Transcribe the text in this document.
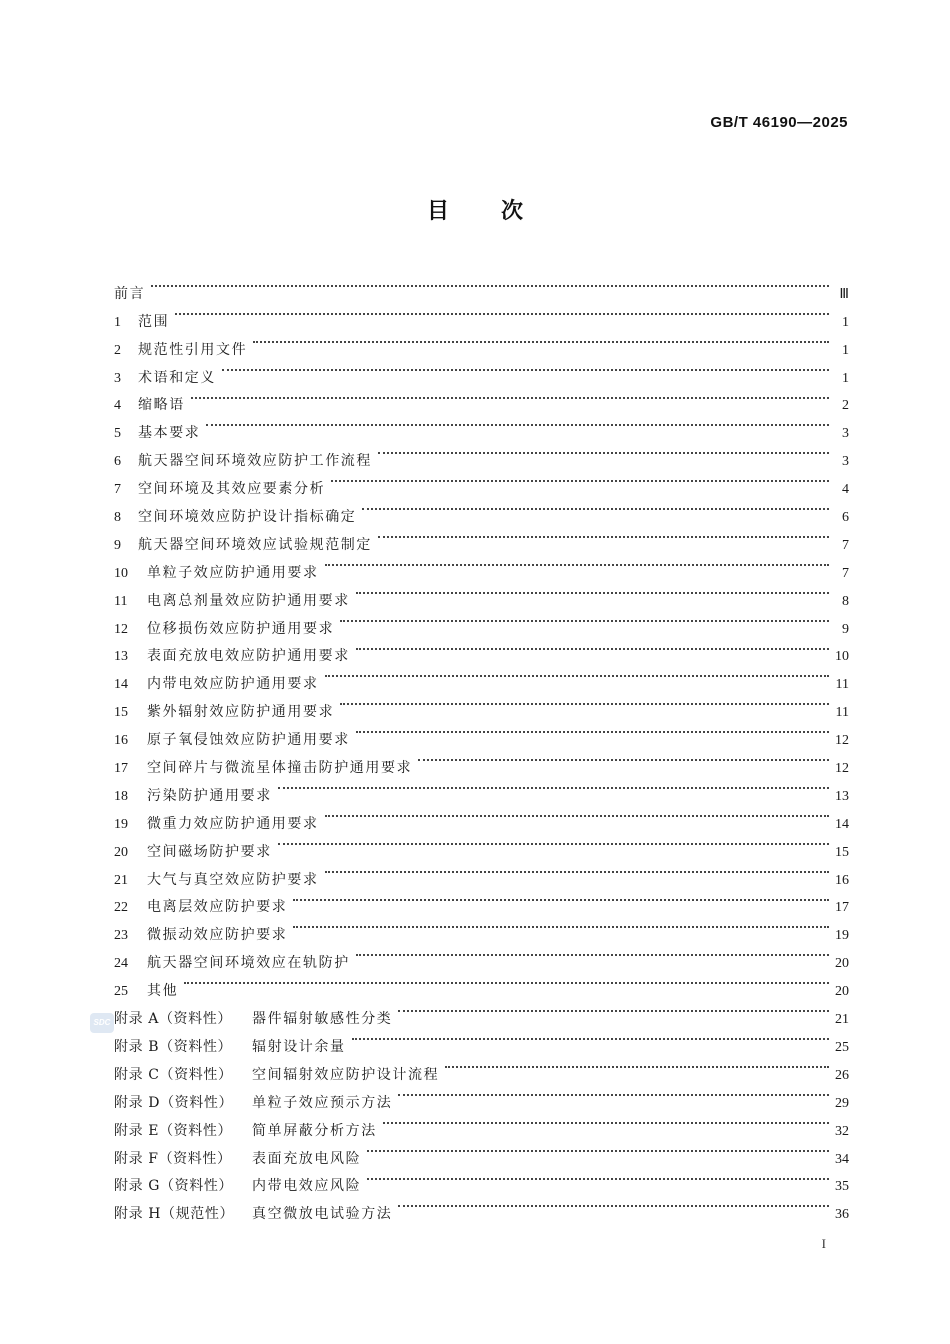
GB/T 46190—2025
目 次
前言	Ⅲ
1	范围	1
2	规范性引用文件	1
3	术语和定义	1
4	缩略语	2
5	基本要求	3
6	航天器空间环境效应防护工作流程	3
7	空间环境及其效应要素分析	4
8	空间环境效应防护设计指标确定	6
9	航天器空间环境效应试验规范制定	7
10	单粒子效应防护通用要求	7
11	电离总剂量效应防护通用要求	8
12	位移损伤效应防护通用要求	9
13	表面充放电效应防护通用要求	10
14	内带电效应防护通用要求	11
15	紫外辐射效应防护通用要求	11
16	原子氧侵蚀效应防护通用要求	12
17	空间碎片与微流星体撞击防护通用要求	12
18	污染防护通用要求	13
19	微重力效应防护通用要求	14
20	空间磁场防护要求	15
21	大气与真空效应防护要求	16
22	电离层效应防护要求	17
23	微振动效应防护要求	19
24	航天器空间环境效应在轨防护	20
25	其他	20
附录 A（资料性）	器件辐射敏感性分类	21
附录 B（资料性）	辐射设计余量	25
附录 C（资料性）	空间辐射效应防护设计流程	26
附录 D（资料性）	单粒子效应预示方法	29
附录 E（资料性）	简单屏蔽分析方法	32
附录 F（资料性）	表面充放电风险	34
附录 G（资料性）	内带电效应风险	35
附录 H（规范性）	真空微放电试验方法	36
SDC
I
